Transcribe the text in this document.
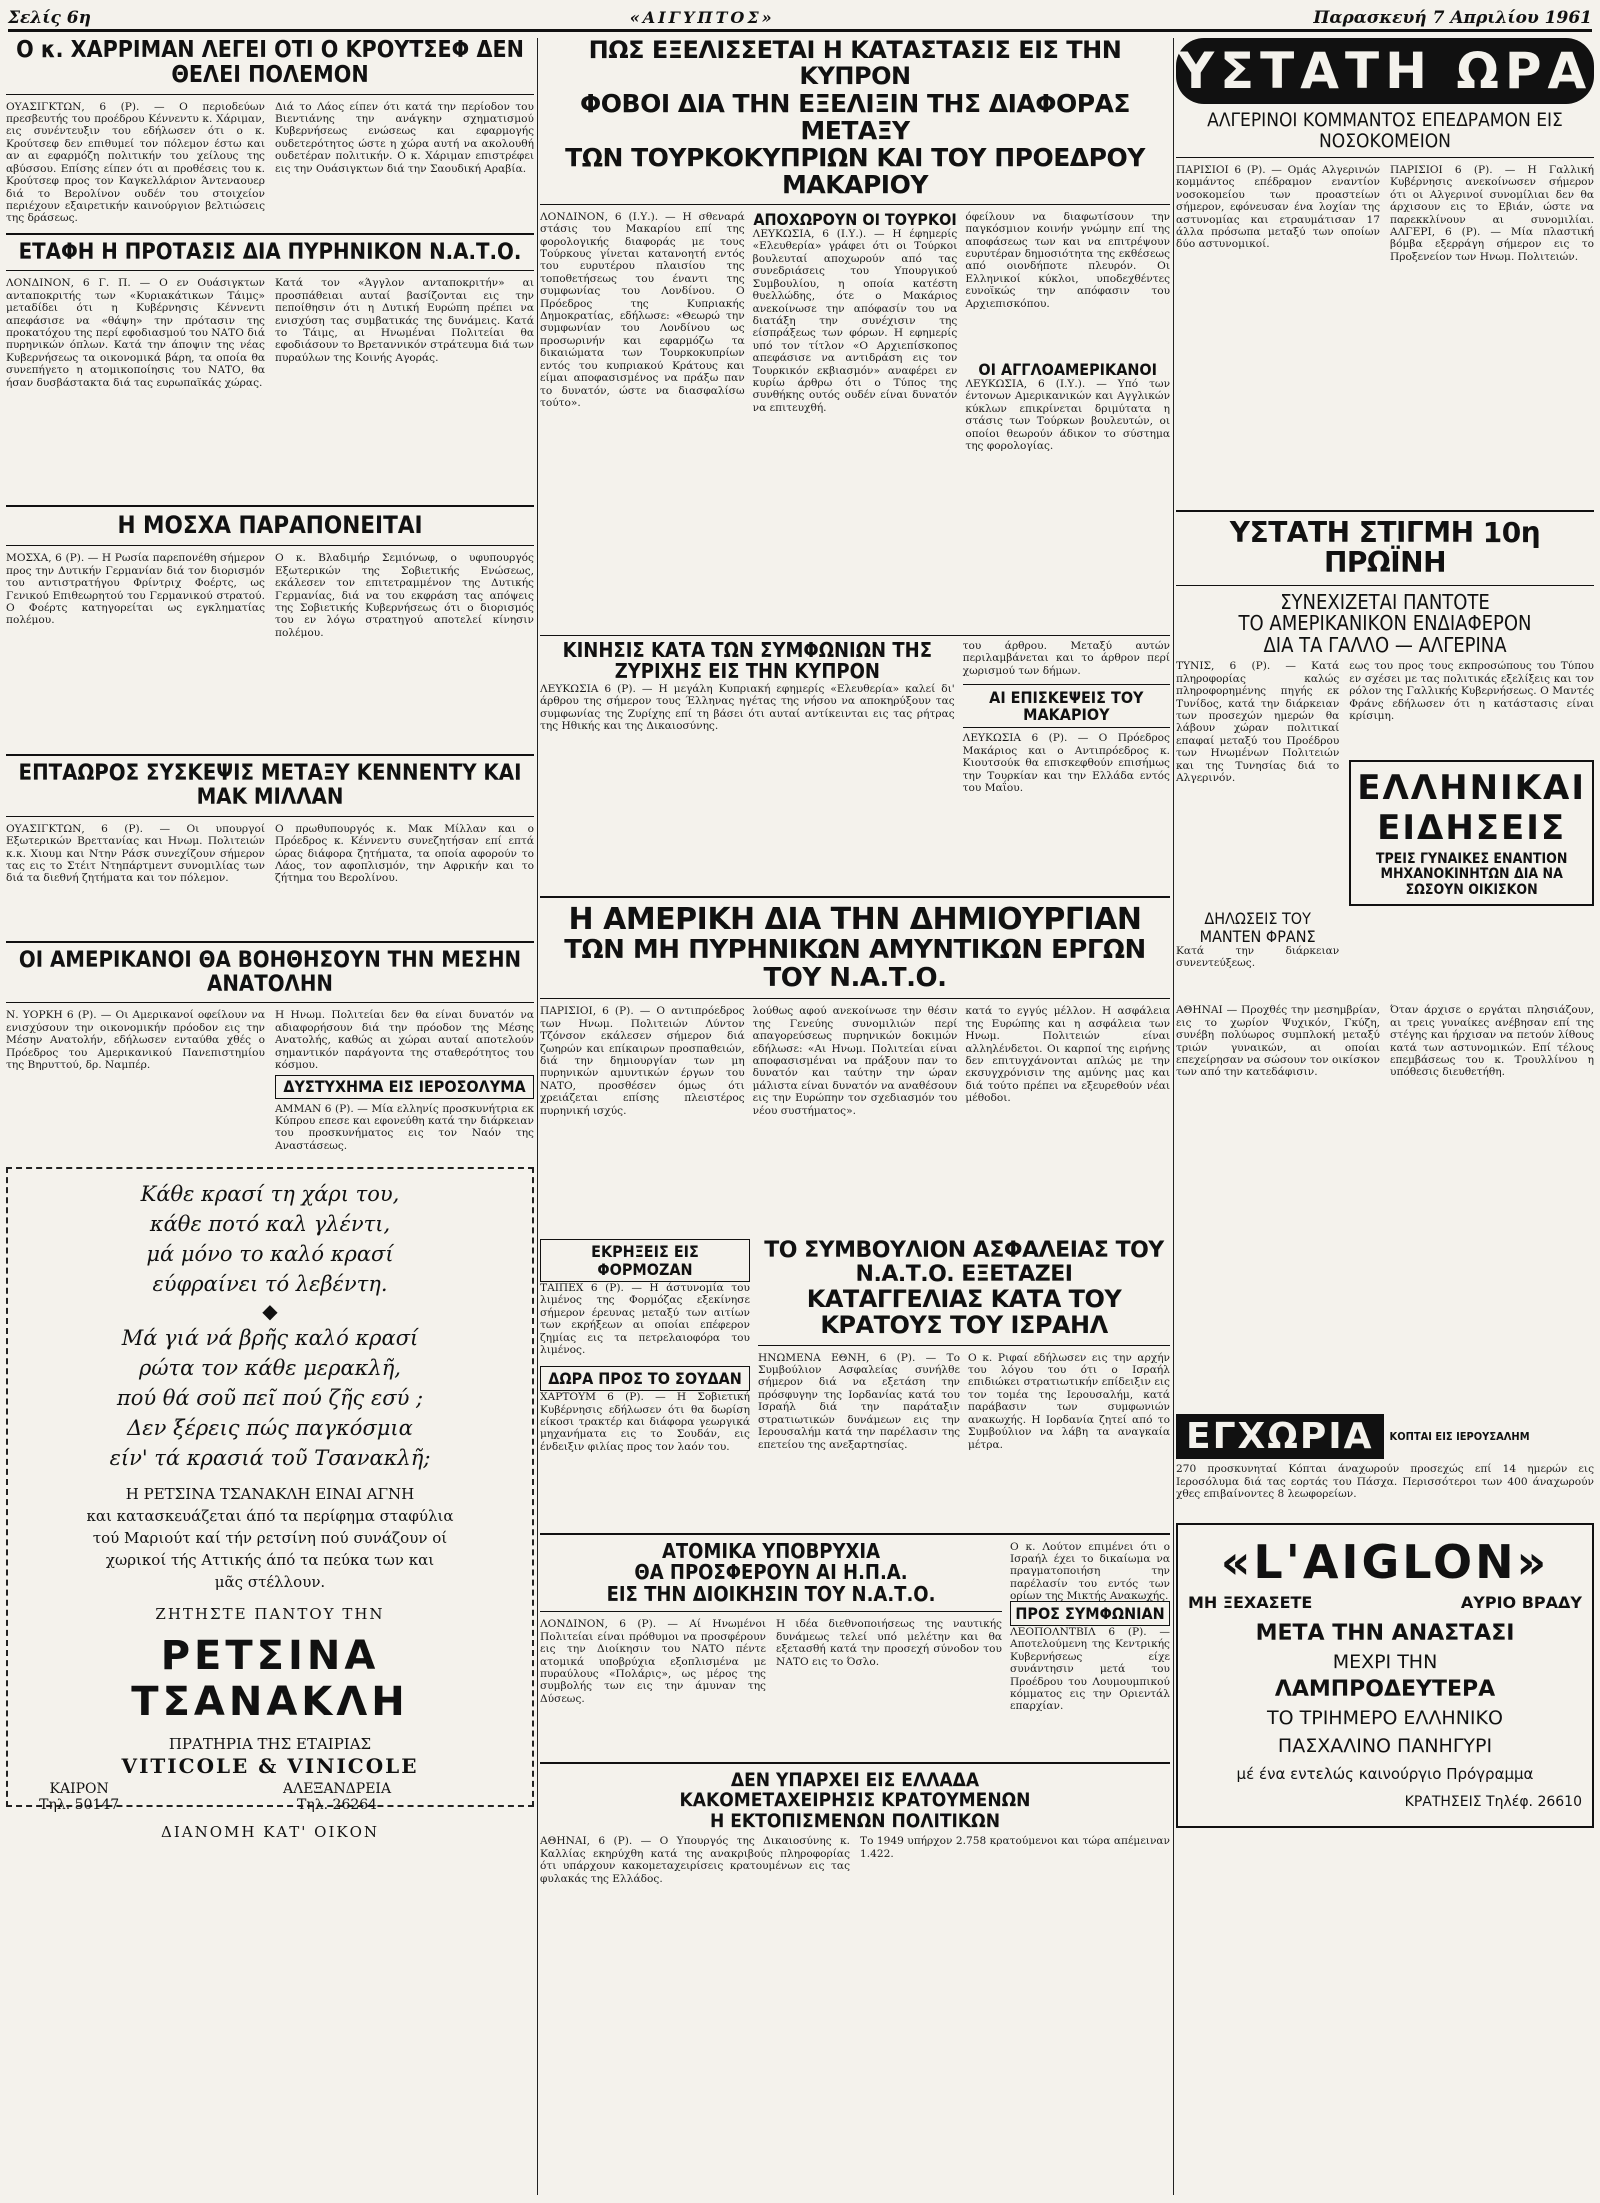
Σελίς 6η	«ΑΙΓΥΠΤΟΣ»	Παρασκευή 7 Απριλίου 1961
Ο κ. ΧΑΡΡΙΜΑΝ ΛΕΓΕΙ ΟΤΙ Ο ΚΡΟΥΤΣΕΦ ΔΕΝ ΘΕΛΕΙ ΠΟΛΕΜΟΝ
ΟΥΑΣΙΓΚΤΩΝ, 6 (Ρ). — Ο περιοδεύων πρεσβευτής του προέδρου Κέννεντυ κ. Χάριμαν, εις συνέντευξιν του εδήλωσεν ότι ο κ. Κρούτσεφ δεν επιθυμεί τον πόλεμον έστω και αν αι εφαρμόζη πολιτικήν του χείλους της αβύσσου. Επίσης είπεν ότι αι προθέσεις του κ. Κρούτσεφ προς τον Καγκελλάριον Άντεναουερ διά το Βερολίνον ουδέν του στοιχείον περιέχουν εξαιρετικήν καινούργιον βελτιώσεις της δράσεως.
Διά το Λάος είπεν ότι κατά την περίοδον του Βιεντιάνης την ανάγκην σχηματισμού Κυβερνήσεως ενώσεως και εφαρμογής ουδετερότητος ώστε η χώρα αυτή να ακολουθή ουδετέραν πολιτικήν. Ο κ. Χάριμαν επιστρέφει εις την Ουάσιγκτων διά την Σαουδική Αραβία.
ΕΤΑΦΗ Η ΠΡΟΤΑΣΙΣ ΔΙΑ ΠΥΡΗΝΙΚΟΝ Ν.Α.Τ.Ο.
ΛΟΝΔΙΝΟΝ, 6 Γ. Π. — Ο εν Ουάσιγκτων ανταποκριτής των «Κυριακάτικων Τάιμς» μεταδίδει ότι η Κυβέρνησις Κέννεντι απεφάσισε να «θάψη» την πρότασιν της προκατόχου της περί εφοδιασμού του ΝΑΤΟ διά πυρηνικών όπλων. Κατά την άποψιν της νέας Κυβερνήσεως τα οικονομικά βάρη, τα οποία θα συνεπήγετο η ατομικοποίησις του ΝΑΤΟ, θα ήσαν δυσβάστακτα διά τας ευρωπαϊκάς χώρας.
Κατά τον «Άγγλον ανταποκριτήν» αι προσπάθειαι αυταί βασίζονται εις την πεποίθησιν ότι η Δυτική Ευρώπη πρέπει να ενισχύση τας συμβατικάς της δυνάμεις. Κατά το Τάιμς, αι Ηνωμέναι Πολιτείαι θα εφοδιάσουν το Βρεταννικόν στράτευμα διά των πυραύλων της Κοινής Αγοράς.
Η ΜΟΣΧΑ ΠΑΡΑΠΟΝΕΙΤΑΙ
ΜΟΣΧΑ, 6 (Ρ). — Η Ρωσία παρεπονέθη σήμερον προς την Δυτικήν Γερμανίαν διά τον διορισμόν του αντιστρατήγου Φρίντριχ Φοέρτς, ως Γενικού Επιθεωρητού του Γερμανικού στρατού. Ο Φοέρτς κατηγορείται ως εγκληματίας πολέμου.
Ο κ. Βλαδιμήρ Σεμιόνωφ, ο υφυπουργός Εξωτερικών της Σοβιετικής Ενώσεως, εκάλεσεν τον επιτετραμμένον της Δυτικής Γερμανίας, διά να του εκφράση τας απόψεις της Σοβιετικής Κυβερνήσεως ότι ο διορισμός του εν λόγω στρατηγού αποτελεί κίνησιν πολέμου.
ΕΠΤΑΩΡΟΣ ΣΥΣΚΕΨΙΣ ΜΕΤΑΞΥ ΚΕΝΝΕΝΤΥ ΚΑΙ ΜΑΚ ΜΙΛΛΑΝ
ΟΥΑΣΙΓΚΤΩΝ, 6 (Ρ). — Οι υπουργοί Εξωτερικών Βρεττανίας και Ηνωμ. Πολιτειών κ.κ. Χιουμ και Ντην Ράσκ συνεχίζουν σήμερον τας εις το Στέιτ Ντηπάρτμεντ συνομιλίας των διά τα διεθνή ζητήματα και τον πόλεμον.
Ο πρωθυπουργός κ. Μακ Μίλλαν και ο Πρόεδρος κ. Κέννεντυ συνεζητήσαν επί επτά ώρας διάφορα ζητήματα, τα οποία αφορούν το Λάος, τον αφοπλισμόν, την Αφρικήν και το ζήτημα του Βερολίνου.
ΟΙ ΑΜΕΡΙΚΑΝΟΙ ΘΑ ΒΟΗΘΗΣΟΥΝ ΤΗΝ ΜΕΣΗΝ ΑΝΑΤΟΛΗΝ
Ν. ΥΟΡΚΗ 6 (Ρ). — Οι Αμερικανοί οφείλουν να ενισχύσουν την οικονομικήν πρόοδον εις την Μέσην Ανατολήν, εδήλωσεν ενταύθα χθές ο Πρόεδρος του Αμερικανικού Πανεπιστημίου της Βηρυττού, δρ. Ναμπέρ.
Η Ηνωμ. Πολιτείαι δεν θα είναι δυνατόν να αδιαφορήσουν διά την πρόοδον της Μέσης Ανατολής, καθώς αι χώραι αυταί αποτελούν σημαντικόν παράγοντα της σταθερότητος του κόσμου.
ΔΥΣΤΥΧΗΜΑ ΕΙΣ ΙΕΡΟΣΟΛΥΜΑ
ΑΜΜΑΝ 6 (Ρ). — Μία ελληνίς προσκυνήτρια εκ Κύπρου επεσε και εφονεύθη κατά την διάρκειαν του προσκυνήματος εις τον Ναόν της Αναστάσεως.
Κάθε κρασί τη χάρι του,
κάθε ποτό καλ γλέντι,
μά μόνο το καλό κρασί
εύφραίνει τό λεβέντη.
◆
Μά γιά νά βρῆς καλό κρασί
ρώτα τον κάθε μερακλῆ,
πού θά σοῦ πεῖ πού ζῆς εσύ ;
Δεν ξέρεις πώς παγκόσμια
είν' τά κρασιά τοῦ Τσανακλῆ;
Η ΡΕΤΣΙΝΑ ΤΣΑΝΑΚΛΗ ΕΙΝΑΙ ΑΓΝΗ
και κατασκευάζεται άπό τα περίφημα σταφύλια
τού Μαριούτ καί τήν ρετσίνη πού συνάζουν οί
χωρικοί τής Αττικής άπό τα πεύκα των και
μᾶς στέλλουν.
ΖΗΤΗΣΤΕ ΠΑΝΤΟΥ ΤΗΝ
ΡΕΤΣΙΝΑ ΤΣΑΝΑΚΛΗ
ΠΡΑΤΗΡΙΑ ΤΗΣ ΕΤΑΙΡΙΑΣ
VITICOLE & VINICOLE
ΚΑΙΡΟΝ
Τηλ. 50147
ΑΛΕΞΑΝΔΡΕΙΑ
Τηλ. 26264
ΔΙΑΝΟΜΗ ΚΑΤ' ΟΙΚΟΝ
ΠΩΣ ΕΞΕΛΙΣΣΕΤΑΙ Η ΚΑΤΑΣΤΑΣΙΣ ΕΙΣ ΤΗΝ ΚΥΠΡΟΝ
ΦΟΒΟΙ ΔΙΑ ΤΗΝ ΕΞΕΛΙΞΙΝ ΤΗΣ ΔΙΑΦΟΡΑΣ ΜΕΤΑΞΥ
ΤΩΝ ΤΟΥΡΚΟΚΥΠΡΙΩΝ ΚΑΙ ΤΟΥ ΠΡΟΕΔΡΟΥ ΜΑΚΑΡΙΟΥ
ΛΟΝΔΙΝΟΝ, 6 (Ι.Υ.). — Η σθεναρά στάσις του Μακαρίου επί της φορολογικής διαφοράς με τους Τούρκους γίνεται κατανοητή εντός του ευρυτέρου πλαισίου της τοποθετήσεως του έναντι της συμφωνίας του Λονδίνου. Ο Πρόεδρος της Κυπριακής Δημοκρατίας, εδήλωσε: «Θεωρώ την συμφωνίαν του Λονδίνου ως προσωρινήν και εφαρμόζω τα δικαιώματα των Τουρκοκυπρίων εντός του κυπριακού Κράτους και είμαι αποφασισμένος να πράξω παν το δυνατόν, ώστε να διασφαλίσω τούτο».
ΑΠΟΧΩΡΟΥΝ ΟΙ ΤΟΥΡΚΟΙ
ΛΕΥΚΩΣΙΑ, 6 (Ι.Υ.). — Η έφημερίς «Ελευθερία» γράφει ότι οι Τούρκοι βουλευταί αποχωρούν από τας συνεδριάσεις του Υπουργικού Συμβουλίου, η οποία κατέστη θυελλώδης, ότε ο Μακάριος ανεκοίνωσε την απόφασίν του να διατάξη την συνέχισιν της είσπράξεως των φόρων. Η εφημερίς υπό τον τίτλον «Ο Αρχιεπίσκοπος απεφάσισε να αντιδράση εις τον Τουρκικόν εκβιασμόν» αναφέρει εν κυρίω άρθρω ότι ο Τύπος της συνθήκης ουτός ουδέν είναι δυνατόν να επιτευχθή.
όφείλουν να διαφωτίσουν την παγκόσμιον κοινήν γνώμην επί της αποφάσεως των και να επιτρέψουν ευρυτέραν δημοσιότητα της εκθέσεως από οιονδήποτε πλευρόν. Οι Ελληνικοί κύκλοι, υποδεχθέντες ευνοϊκώς την απόφασιν του Αρχιεπισκόπου.
ΟΙ ΑΓΓΛΟΑΜΕΡΙΚΑΝΟΙ
ΛΕΥΚΩΣΙΑ, 6 (Ι.Υ.). — Υπό των έντονων Αμερικανικών και Αγγλικών κύκλων επικρίνεται δριμύτατα η στάσις των Τούρκων βουλευτών, οι οποίοι θεωρούν άδικον το σύστημα της φορολογίας.
ΚΙΝΗΣΙΣ ΚΑΤΑ ΤΩΝ ΣΥΜΦΩΝΙΩΝ ΤΗΣ ΖΥΡΙΧΗΣ ΕΙΣ ΤΗΝ ΚΥΠΡΟΝ
ΛΕΥΚΩΣΙΑ 6 (Ρ). — Η μεγάλη Κυπριακή εφημερίς «Ελευθερία» καλεί δι' άρθρου της σήμερον τους Έλληνας ηγέτας της νήσου να αποκηρύξουν τας συμφωνίας της Ζυρίχης επί τη βάσει ότι αυταί αντίκεινται εις τας ρήτρας της Ηθικής και της Δικαιοσύνης.
του άρθρου. Μεταξύ αυτών περιλαμβάνεται και το άρθρον περί χωρισμού των δήμων.
ΑΙ ΕΠΙΣΚΕΨΕΙΣ ΤΟΥ ΜΑΚΑΡΙΟΥ
ΛΕΥΚΩΣΙΑ 6 (Ρ). — Ο Πρόεδρος Μακάριος και ο Αντιπρόεδρος κ. Κιουτσούκ θα επισκεφθούν επισήμως την Τουρκίαν και την Ελλάδα εντός του Μαΐου.
Η ΑΜΕΡΙΚΗ ΔΙΑ ΤΗΝ ΔΗΜΙΟΥΡΓΙΑΝ
ΤΩΝ ΜΗ ΠΥΡΗΝΙΚΩΝ ΑΜΥΝΤΙΚΩΝ ΕΡΓΩΝ ΤΟΥ Ν.Α.Τ.Ο.
ΠΑΡΙΣΙΟΙ, 6 (Ρ). — Ο αντιπρόεδρος των Ηνωμ. Πολιτειών Λύντον Τζόνσον εκάλεσεν σήμερον διά ζωηρών και επίκαιρων προσπαθειών, διά την δημιουργίαν των μη πυρηνικών αμυντικών έργων του ΝΑΤΟ, προσθέσεν όμως ότι χρειάζεται επίσης πλειστέρος πυρηνική ισχύς.
λούθως αφού ανεκοίνωσε την θέσιν της Γενεύης συνομιλιών περί απαγορεύσεως πυρηνικών δοκιμών εδήλωσε: «Αι Ηνωμ. Πολιτείαι είναι αποφασισμέναι να πράξουν παν το δυνατόν και ταύτην την ώραν μάλιστα είναι δυνατόν να αναθέσουν εις την Ευρώπην τον σχεδιασμόν του νέου συστήματος».
κατά το εγγύς μέλλον. Η ασφάλεια της Ευρώπης και η ασφάλεια των Ηνωμ. Πολιτειών είναι αλληλένδετοι. Οι καρποί της ειρήνης δεν επιτυγχάνονται απλώς με την εκσυγχρόνισιν της αμύνης μας και διά τούτο πρέπει να εξευρεθούν νέαι μέθοδοι.
ΕΚΡΗΞΕΙΣ ΕΙΣ ΦΟΡΜΟΖΑΝ
ΤΑΙΠΕΧ 6 (Ρ). — Η άστυνομία του λιμένος της Φορμόζας εξεκίνησε σήμερον έρευνας μεταξύ των αιτίων των εκρήξεων αι οποίαι επέφερον ζημίας εις τα πετρελαιοφόρα του λιμένος.
ΔΩΡΑ ΠΡΟΣ ΤΟ ΣΟΥΔΑΝ
ΧΑΡΤΟΥΜ 6 (Ρ). — Η Σοβιετική Κυβέρνησις εδήλωσεν ότι θα δωρίση είκοσι τρακτέρ και διάφορα γεωργικά μηχανήματα εις το Σουδάν, εις ένδειξιν φιλίας προς τον λαόν του.
ΤΟ ΣΥΜΒΟΥΛΙΟΝ ΑΣΦΑΛΕΙΑΣ ΤΟΥ Ν.Α.Τ.Ο. ΕΞΕΤΑΖΕΙ
ΚΑΤΑΓΓΕΛΙΑΣ ΚΑΤΑ ΤΟΥ ΚΡΑΤΟΥΣ ΤΟΥ ΙΣΡΑΗΛ
ΗΝΩΜΕΝΑ ΕΘΝΗ, 6 (Ρ). — Το Συμβούλιον Ασφαλείας συνήλθε σήμερον διά να εξετάση την πρόσφυγην της Ιορδανίας κατά του Ισραήλ διά την παράταξιν στρατιωτικών δυνάμεων εις την Ιερουσαλήμ κατά την παρέλασιν της επετείου της ανεξαρτησίας.
Ο κ. Ριφαί εδήλωσεν εις την αρχήν του λόγου του ότι ο Ισραήλ επιδιώκει στρατιωτικήν επίδειξιν εις τον τομέα της Ιερουσαλήμ, κατά παράβασιν των συμφωνιών ανακωχής. Η Ιορδανία ζητεί από το Συμβούλιον να λάβη τα αναγκαία μέτρα.
ΑΤΟΜΙΚΑ ΥΠΟΒΡΥΧΙΑ
ΘΑ ΠΡΟΣΦΕΡΟΥΝ ΑΙ Η.Π.Α.
ΕΙΣ ΤΗΝ ΔΙΟΙΚΗΣΙΝ ΤΟΥ Ν.Α.Τ.Ο.
ΛΟΝΔΙΝΟΝ, 6 (Ρ). — Αί Ηνωμένοι Πολιτείαι είναι πρόθυμοι να προσφέρουν εις την Διοίκησιν του ΝΑΤΟ πέντε ατομικά υποβρύχια εξοπλισμένα με πυραύλους «Πολάρις», ως μέρος της συμβολής των εις την άμυναν της Δύσεως.
Η ιδέα διεθνοποιήσεως της ναυτικής δυνάμεως τελεί υπό μελέτην και θα εξετασθή κατά την προσεχή σύνοδον του ΝΑΤΟ εις το Όσλο.
Ο κ. Λούτον επιμένει ότι ο Ισραήλ έχει το δικαίωμα να πραγματοποιήση την παρέλασίν του εντός των ορίων της Μικτής Ανακωχής.
ΠΡΟΣ ΣΥΜΦΩΝΙΑΝ
ΛΕΟΠΟΛΝΤΒΙΛ 6 (Ρ). — Αποτελούμενη της Κεντρικής Κυβερνήσεως είχε συνάντησιν μετά του Προέδρου του Λουμουμπικού κόμματος εις την Οριεντάλ επαρχίαν.
ΔΕΝ ΥΠΑΡΧΕΙ ΕΙΣ ΕΛΛΑΔΑ
ΚΑΚΟΜΕΤΑΧΕΙΡΗΣΙΣ ΚΡΑΤΟΥΜΕΝΩΝ
Η ΕΚΤΟΠΙΣΜΕΝΩΝ ΠΟΛΙΤΙΚΩΝ
ΑΘΗΝΑΙ, 6 (Ρ). — Ο Υπουργός της Δικαιοσύνης κ. Καλλίας εκηρύχθη κατά της ανακριβούς πληροφορίας ότι υπάρχουν κακομεταχειρίσεις κρατουμένων εις τας φυλακάς της Ελλάδος.
Το 1949 υπήρχον 2.758 κρατούμενοι και τώρα απέμειναν 1.422.
ΥΣΤΑΤΗ ΩΡΑ
ΑΛΓΕΡΙΝΟΙ ΚΟΜΜΑΝΤΟΣ ΕΠΕΔΡΑΜΟΝ ΕΙΣ ΝΟΣΟΚΟΜΕΙΟΝ
ΠΑΡΙΣΙΟΙ 6 (Ρ). — Ομάς Αλγερινών κομμάντος επέδραμον εναντίον νοσοκομείου των προαστείων σήμερον, εφόνευσαν ένα λοχίαν της αστυνομίας και ετραυμάτισαν 17 άλλα πρόσωπα μεταξύ των οποίων δύο αστυνομικοί.
ΠΑΡΙΣΙΟΙ 6 (Ρ). — Η Γαλλική Κυβέρνησις ανεκοίνωσεν σήμερον ότι οι Αλγερινοί συνομίλιαι δεν θα άρχισουν εις το Εβιάν, ώστε να παρεκκλίνουν αι συνομιλίαι. ΑΛΓΕΡΙ, 6 (Ρ). — Μία πλαστική βόμβα εξερράγη σήμερον εις το Προξενείον των Ηνωμ. Πολιτειών.
ΥΣΤΑΤΗ ΣΤΙΓΜΗ 10η ΠΡΩΪΝΗ
ΣΥΝΕΧΙΖΕΤΑΙ ΠΑΝΤΟΤΕ
ΤΟ ΑΜΕΡΙΚΑΝΙΚΟΝ ΕΝΔΙΑΦΕΡΟΝ
ΔΙΑ ΤΑ ΓΑΛΛΟ — ΑΛΓΕΡΙΝΑ
ΤΥΝΙΣ, 6 (Ρ). — Κατά πληροφορίας καλώς πληροφορημένης πηγής εκ Τυνίδος, κατά την διάρκειαν των προσεχών ημερών θα λάβουν χώραν πολιτικαί επαφαί μεταξύ του Προέδρου των Ηνωμένων Πολιτειών και της Τυνησίας διά το Αλγερινόν.
ΔΗΛΩΣΕΙΣ ΤΟΥ ΜΑΝΤΕΝ ΦΡΑΝΣ
Κατά την διάρκειαν συνεντεύξεως.
εως του προς τους εκπροσώπους του Τύπου εν σχέσει με τας πολιτικάς εξελίξεις και τον ρόλον της Γαλλικής Κυβερνήσεως. Ο Μαντές Φράνς εδήλωσεν ότι η κατάστασις είναι κρίσιμη.
ΕΛΛΗΝΙΚΑΙ
ΕΙΔΗΣΕΙΣ
ΤΡΕΙΣ ΓΥΝΑΙΚΕΣ ΕΝΑΝΤΙΟΝ ΜΗΧΑΝΟΚΙΝΗΤΩΝ ΔΙΑ ΝΑ ΣΩΣΟΥΝ ΟΙΚΙΣΚΟΝ
ΑΘΗΝΑΙ — Προχθές την μεσημβρίαν, εις το χωρίον Ψυχικόν, Γκύζη, συνέβη πολύωρος συμπλοκή μεταξύ τριών γυναικών, αι οποίαι επεχείρησαν να σώσουν τον οικίσκον των από την κατεδάφισιν.
Όταν άρχισε ο εργάται πλησιάζουν, αι τρεις γυναίκες ανέβησαν επί της στέγης και ήρχισαν να πετούν λίθους κατά των αστυνομικών. Επί τέλους επεμβάσεως του κ. Τρουλλίνου η υπόθεσις διευθετήθη.
ΕΓΧΩΡΙΑ	ΚΟΠΤΑΙ ΕΙΣ ΙΕΡΟΥΣΑΛΗΜ
270 προσκυνηταί Κόπται άναχωρούν προσεχώς επί 14 ημερών εις Ιεροσόλυμα διά τας εορτάς του Πάσχα. Περισσότεροι των 400 άναχωρούν χθες επιβαίνοντες 8 λεωφορείων.
«L'AIGLON»
ΜΗ ΞΕΧΑΣΕΤΕ	ΑΥΡΙΟ ΒΡΑΔΥ
ΜΕΤΑ ΤΗΝ ΑΝΑΣΤΑΣΙ
ΜΕΧΡΙ ΤΗΝ
ΛΑΜΠΡΟΔΕΥΤΕΡΑ
ΤΟ ΤΡΙΗΜΕΡΟ ΕΛΛΗΝΙΚΟ
ΠΑΣΧΑΛΙΝΟ ΠΑΝΗΓΥΡΙ
μέ ένα εντελώς καινούργιο Πρόγραμμα
ΚΡΑΤΗΣΕΙΣ Τηλέφ. 26610
